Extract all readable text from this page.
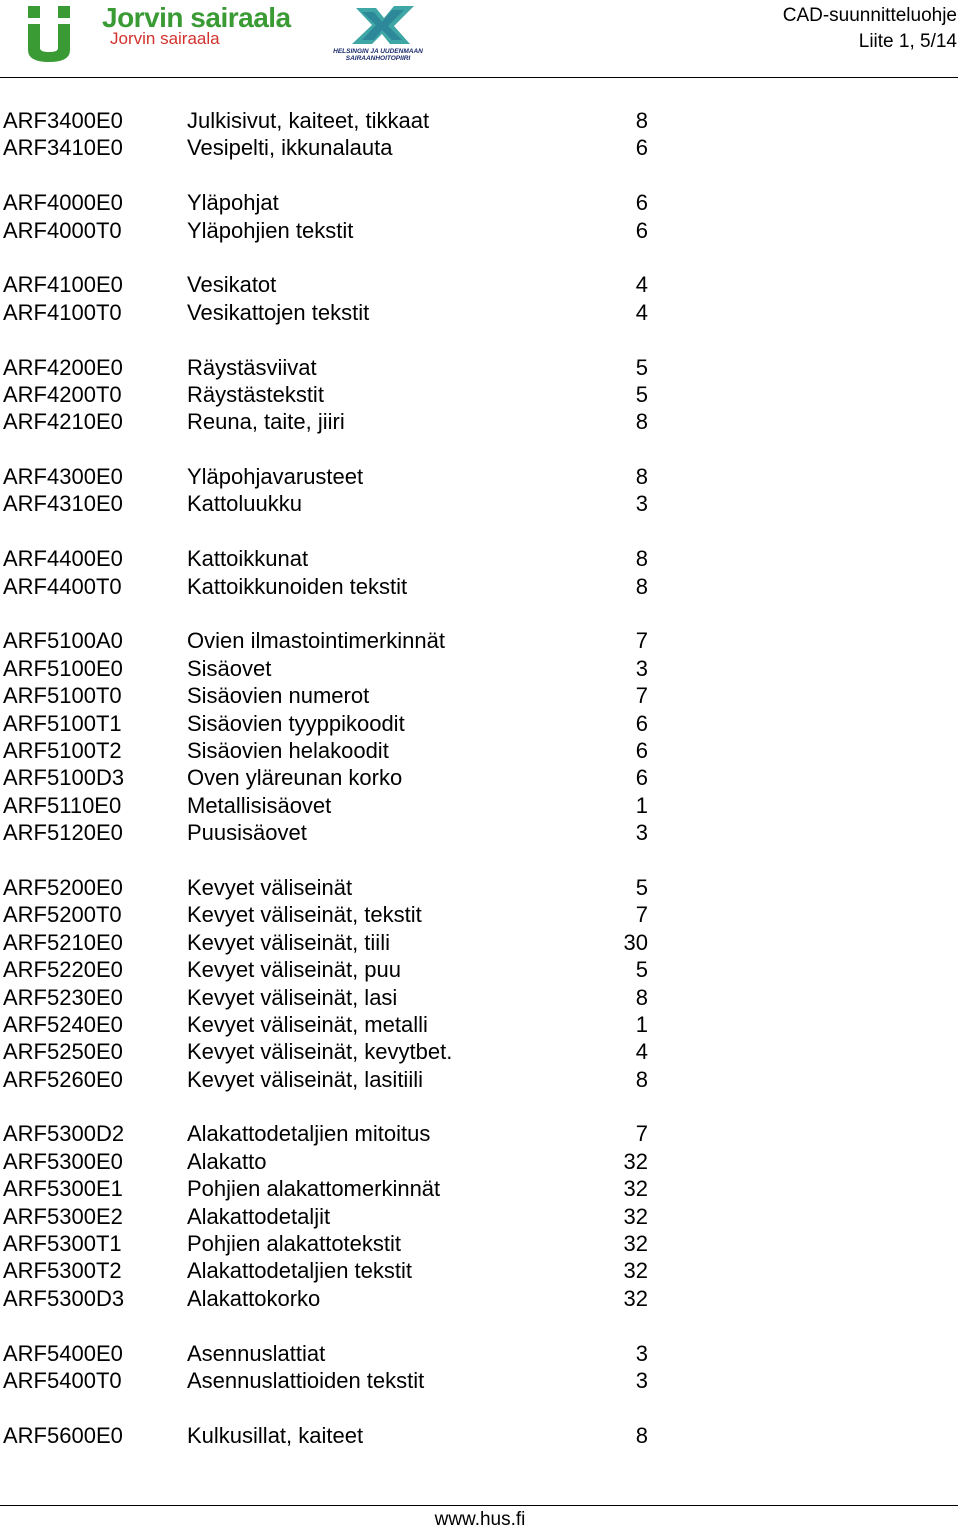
Jorvin sairaala
Jorvin sairaala
HELSINGIN JA UUDENMAAN
SAIRAANHOITOPIIRI
CAD-suunnitteluohje
Liite 1, 5/14
ARF3400E0	Julkisivut, kaiteet, tikkaat	8
ARF3410E0	Vesipelti, ikkunalauta	6
ARF4000E0	Yläpohjat	6
ARF4000T0	Yläpohjien tekstit	6
ARF4100E0	Vesikatot	4
ARF4100T0	Vesikattojen tekstit	4
ARF4200E0	Räystäsviivat	5
ARF4200T0	Räystästekstit	5
ARF4210E0	Reuna, taite, jiiri	8
ARF4300E0	Yläpohjavarusteet	8
ARF4310E0	Kattoluukku	3
ARF4400E0	Kattoikkunat	8
ARF4400T0	Kattoikkunoiden tekstit	8
ARF5100A0	Ovien ilmastointimerkinnät	7
ARF5100E0	Sisäovet	3
ARF5100T0	Sisäovien numerot	7
ARF5100T1	Sisäovien tyyppikoodit	6
ARF5100T2	Sisäovien helakoodit	6
ARF5100D3	Oven yläreunan korko	6
ARF5110E0	Metallisisäovet	1
ARF5120E0	Puusisäovet	3
ARF5200E0	Kevyet väliseinät	5
ARF5200T0	Kevyet väliseinät, tekstit	7
ARF5210E0	Kevyet väliseinät, tiili	30
ARF5220E0	Kevyet väliseinät, puu	5
ARF5230E0	Kevyet väliseinät, lasi	8
ARF5240E0	Kevyet väliseinät, metalli	1
ARF5250E0	Kevyet väliseinät, kevytbet.	4
ARF5260E0	Kevyet väliseinät, lasitiili	8
ARF5300D2	Alakattodetaljien mitoitus	7
ARF5300E0	Alakatto	32
ARF5300E1	Pohjien alakattomerkinnät	32
ARF5300E2	Alakattodetaljit	32
ARF5300T1	Pohjien alakattotekstit	32
ARF5300T2	Alakattodetaljien tekstit	32
ARF5300D3	Alakattokorko	32
ARF5400E0	Asennuslattiat	3
ARF5400T0	Asennuslattioiden tekstit	3
ARF5600E0	Kulkusillat, kaiteet	8
www.hus.fi
